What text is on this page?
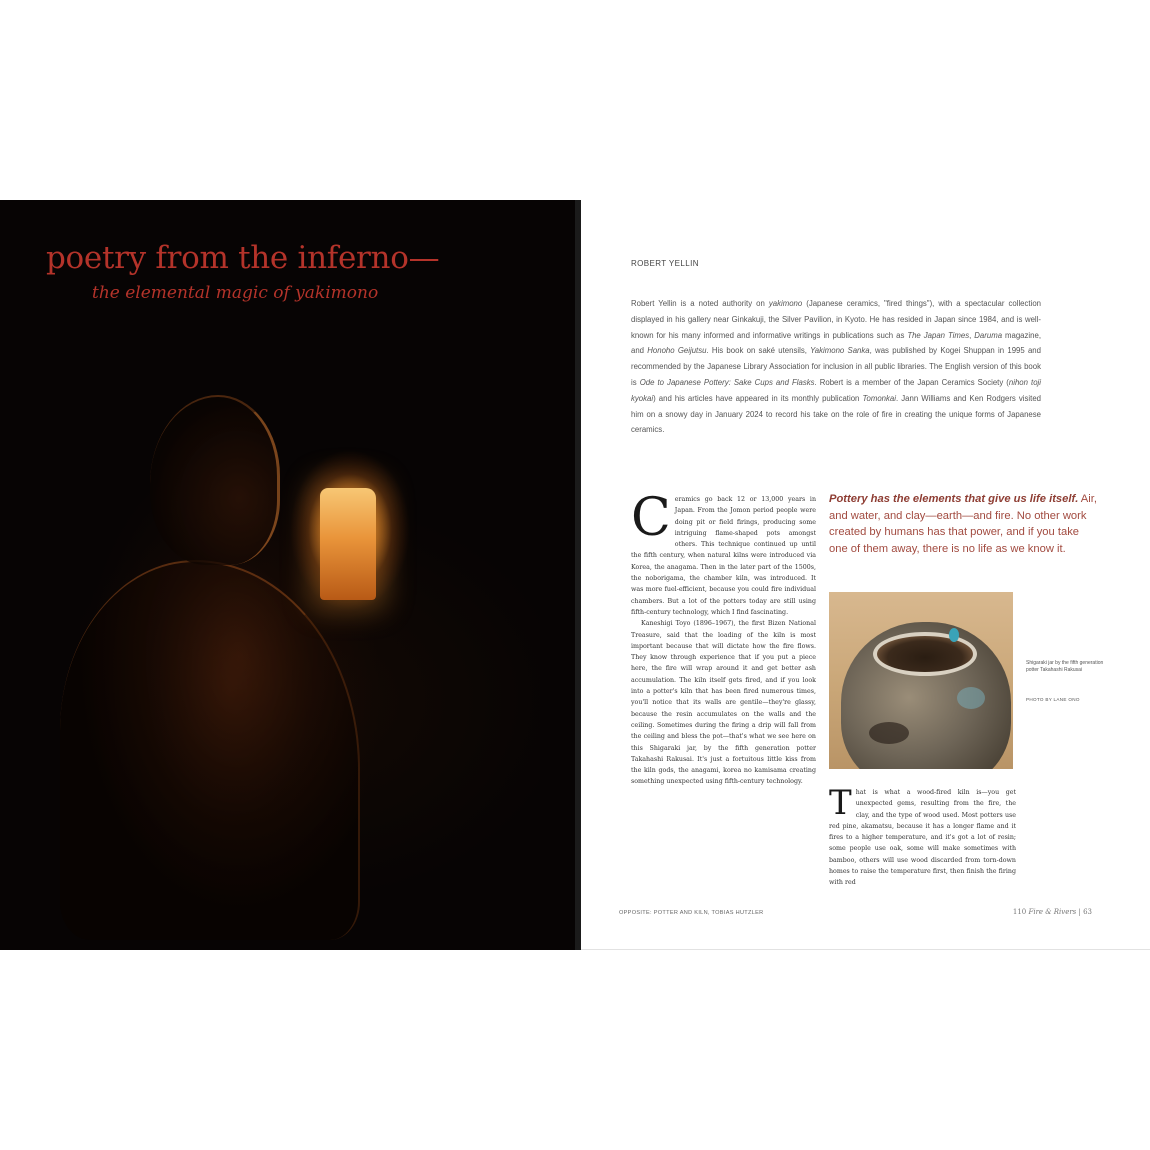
poetry from the inferno—
the elemental magic of yakimono
ROBERT YELLIN
Robert Yellin is a noted authority on yakimono (Japanese ceramics, "fired things"), with a spectacular collection displayed in his gallery near Ginkakuji, the Silver Pavilion, in Kyoto. He has resided in Japan since 1984, and is well-known for his many informed and informative writings in publications such as The Japan Times, Daruma magazine, and Honoho Geijutsu. His book on saké utensils, Yakimono Sanka, was published by Kogei Shuppan in 1995 and recommended by the Japanese Library Association for inclusion in all public libraries. The English version of this book is Ode to Japanese Pottery: Sake Cups and Flasks. Robert is a member of the Japan Ceramics Society (nihon toji kyokai) and his articles have appeared in its monthly publication Tomonkai. Jann Williams and Ken Rodgers visited him on a snowy day in January 2024 to record his take on the role of fire in creating the unique forms of Japanese ceramics.

Ceramics go back 12 or 13,000 years in Japan. From the Jomon period people were doing pit or field firings, producing some intriguing flame-shaped pots amongst others. This technique continued up until the fifth century, when natural kilns were introduced via Korea, the anagama. Then in the later part of the 1500s, the noborigama, the chamber kiln, was introduced. It was more fuel-efficient, because you could fire individual chambers. But a lot of the potters today are still using fifth-century technology, which I find fascinating.

Kaneshigi Toyo (1896–1967), the first Bizen National Treasure, said that the loading of the kiln is most important because that will dictate how the fire flows. They know through experience that if you put a piece here, the fire will wrap around it and get better ash accumulation. The kiln itself gets fired, and if you look into a potter's kiln that has been fired numerous times, you'll notice that its walls are gentile—they're glassy, because the resin accumulates on the walls and the ceiling. Sometimes during the firing a drip will fall from the ceiling and bless the pot—that's what we see here on this Shigaraki jar, by the fifth generation potter Takahashi Rakusai. It's just a fortuitous little kiss from the kiln gods, the anagami, korea no kamisama creating something unexpected using fifth-century technology.

Pottery has the elements that give us life itself. Air, and water, and clay—earth—and fire. No other work created by humans has that power, and if you take one of them away, there is no life as we know it.
Shigaraki jar by the fifth generation potter Takahashi Rakusai
PHOTO BY LANE ONO

That is what a wood-fired kiln is—you get unexpected gems, resulting from the fire, the clay, and the type of wood used. Most potters use red pine, akamatsu, because it has a longer flame and it fires to a higher temperature, and it's got a lot of resin; some people use oak, some will make sometimes with bamboo, others will use wood discarded from torn-down homes to raise the temperature first, then finish the firing with red

OPPOSITE: POTTER AND KILN, TOBIAS HUTZLER	110 Fire & Rivers | 63
